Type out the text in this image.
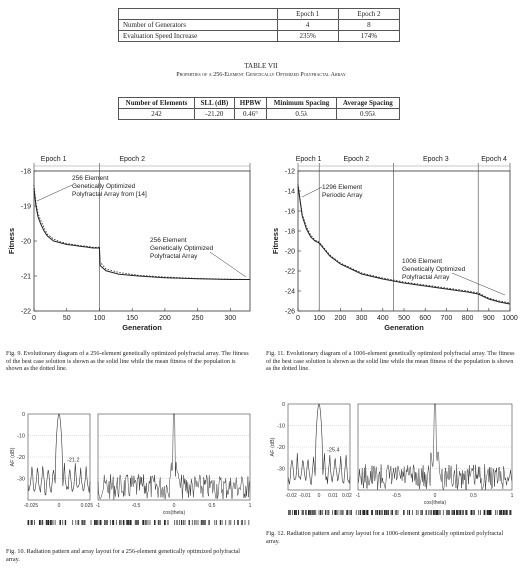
	Epoch 1	Epoch 2
Number of Generators	4	8
Evaluation Speed Increase	235%	174%
TABLE VII
Properties of a 256-Element Genetically Optimized Polyfractal Array
Number of Elements	SLL (dB)	HPBW	Minimum Spacing	Average Spacing
242	-21.20	0.46°	0.5λ	0.95λ
-18
-19
-20
-21
-22
0	50	100	150	200	250	300
Generation
Fitness
Epoch 1	Epoch 2
256 Element
Genetically Optimized
Polyfractal Array from [14]
256 Element
Genetically Optimized
Polyfractal Array
-12
-14
-16
-18
-20
-22
-24
-26
0 100 200 300 400 500 600 700 800 900 1000
Generation
Fitness
Epoch 1	Epoch 2	Epoch 3	Epoch 4
1296 Element
Periodic Array
1006 Element
Genetically Optimized
Polyfractal Array
Fig. 9. Evolutionary diagram of a 256-element genetically optimized polyfractal array. The fitness of the best case solution is shown as the solid line while the mean fitness of the population is shown as the dotted line.
Fig. 11. Evolutionary diagram of a 1006-element genetically optimized polyfractal array. The fitness of the best case solution is shown as the solid line while the mean fitness of the population is shown as the dotted line.
0
-10
-20
-30
AF (dB)
-0.025	0	0.025 -1	-0.5	0	0.5	1
cos(theta)
-21.2
0
-10
-20
-30
AF (dB)
-0.02 -0.01 0 0.01 0.02 -1	-0.5	0	0.5	1
cos(theta)
-25.4
Fig. 10. Radiation pattern and array layout for a 256-element genetically optimized polyfractal array.
Fig. 12. Radiation pattern and array layout for a 1006-element genetically optimized polyfractal array.
